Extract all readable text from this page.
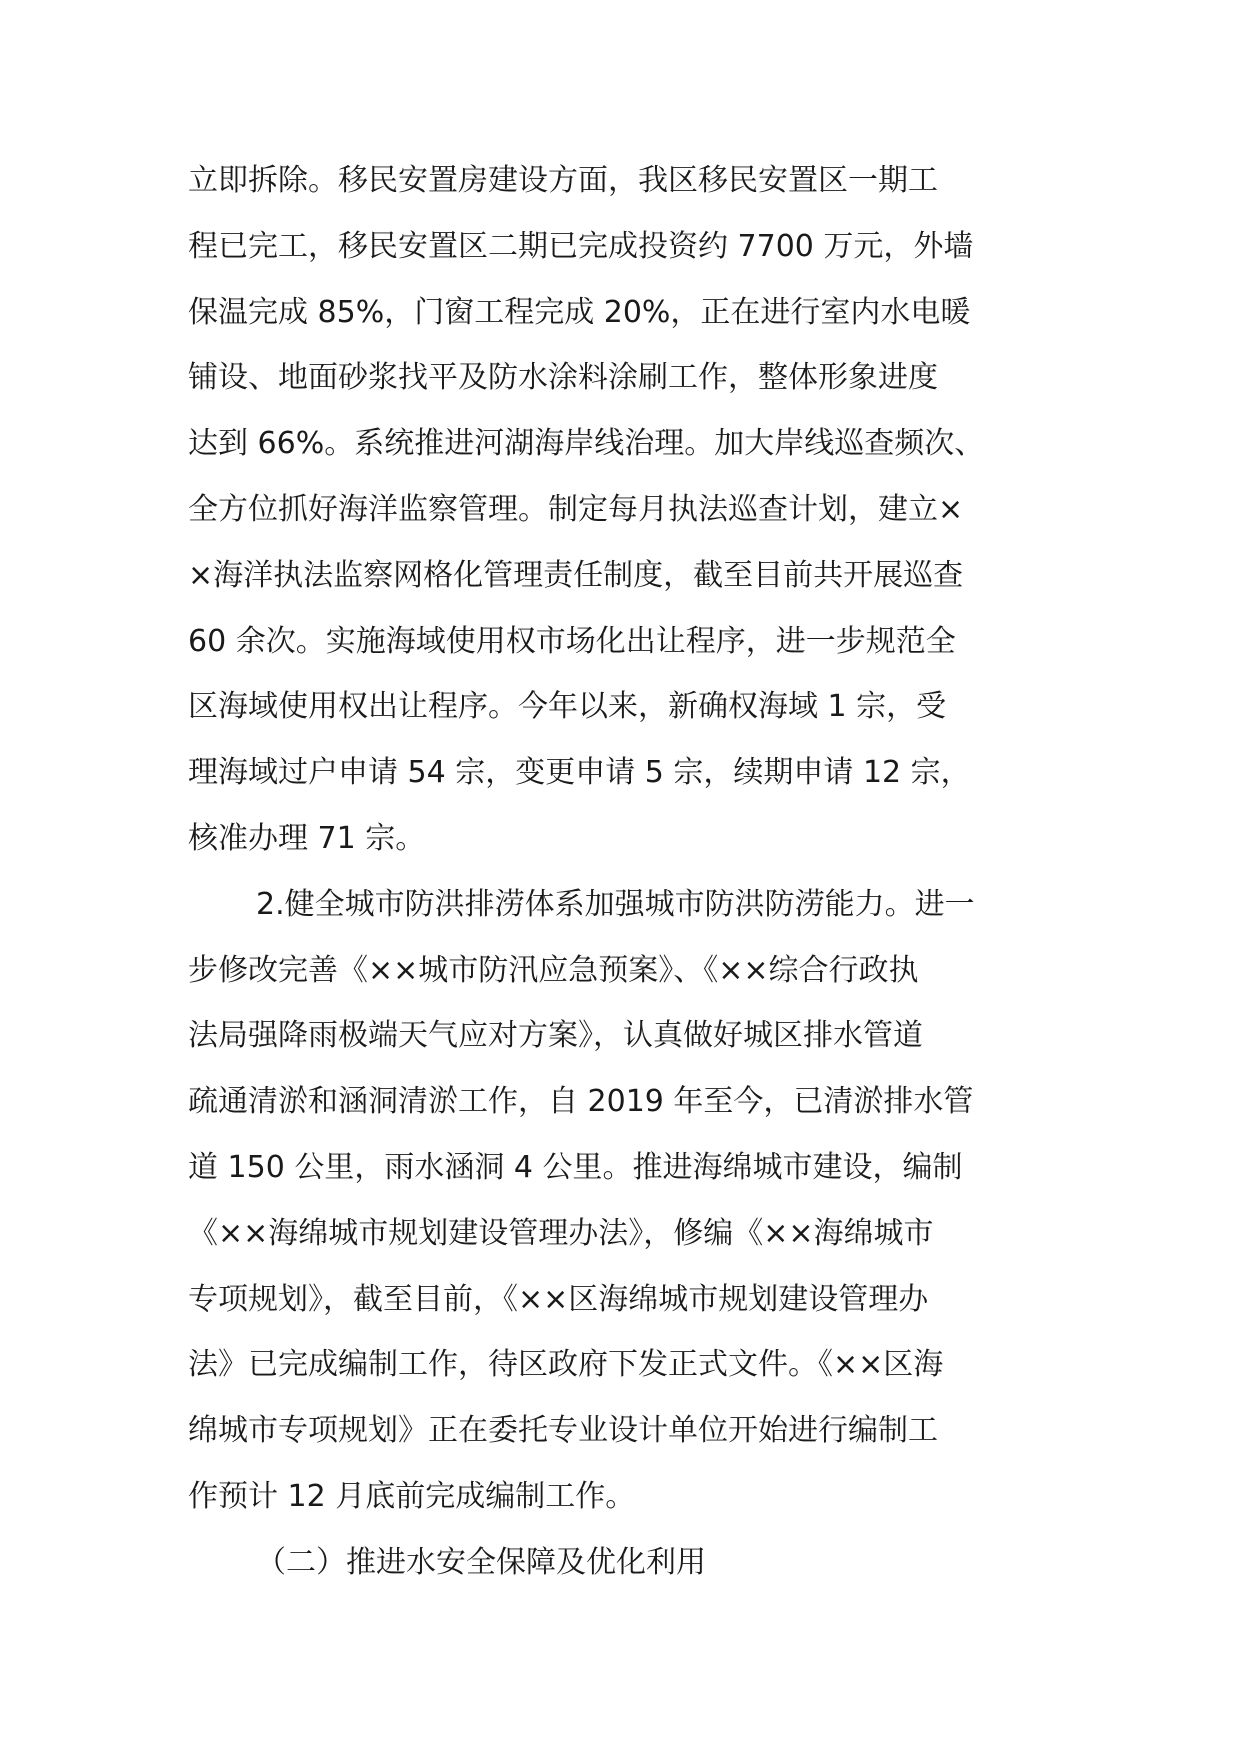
立即拆除。移民安置房建设方面，我区移民安置区一期工
程已完工，移民安置区二期已完成投资约 7700 万元，外墙
保温完成 85%，门窗工程完成 20%，正在进行室内水电暖
铺设、地面砂浆找平及防水涂料涂刷工作，整体形象进度
达到 66%。系统推进河湖海岸线治理。加大岸线巡查频次、
全方位抓好海洋监察管理。制定每月执法巡查计划，建立×
×海洋执法监察网格化管理责任制度，截至目前共开展巡查
60 余次。实施海域使用权市场化出让程序，进一步规范全
区海域使用权出让程序。今年以来，新确权海域 1 宗，受
理海域过户申请 54 宗，变更申请 5 宗，续期申请 12 宗，
核准办理 71 宗。
2.健全城市防洪排涝体系加强城市防洪防涝能力。进一
步修改完善《××城市防汛应急预案》、《××综合行政执
法局强降雨极端天气应对方案》，认真做好城区排水管道
疏通清淤和涵洞清淤工作，自 2019 年至今，已清淤排水管
道 150 公里，雨水涵洞 4 公里。推进海绵城市建设，编制
《××海绵城市规划建设管理办法》，修编《××海绵城市
专项规划》，截至目前，《××区海绵城市规划建设管理办
法》已完成编制工作，待区政府下发正式文件。《××区海
绵城市专项规划》正在委托专业设计单位开始进行编制工
作预计 12 月底前完成编制工作。
（二）推进水安全保障及优化利用
